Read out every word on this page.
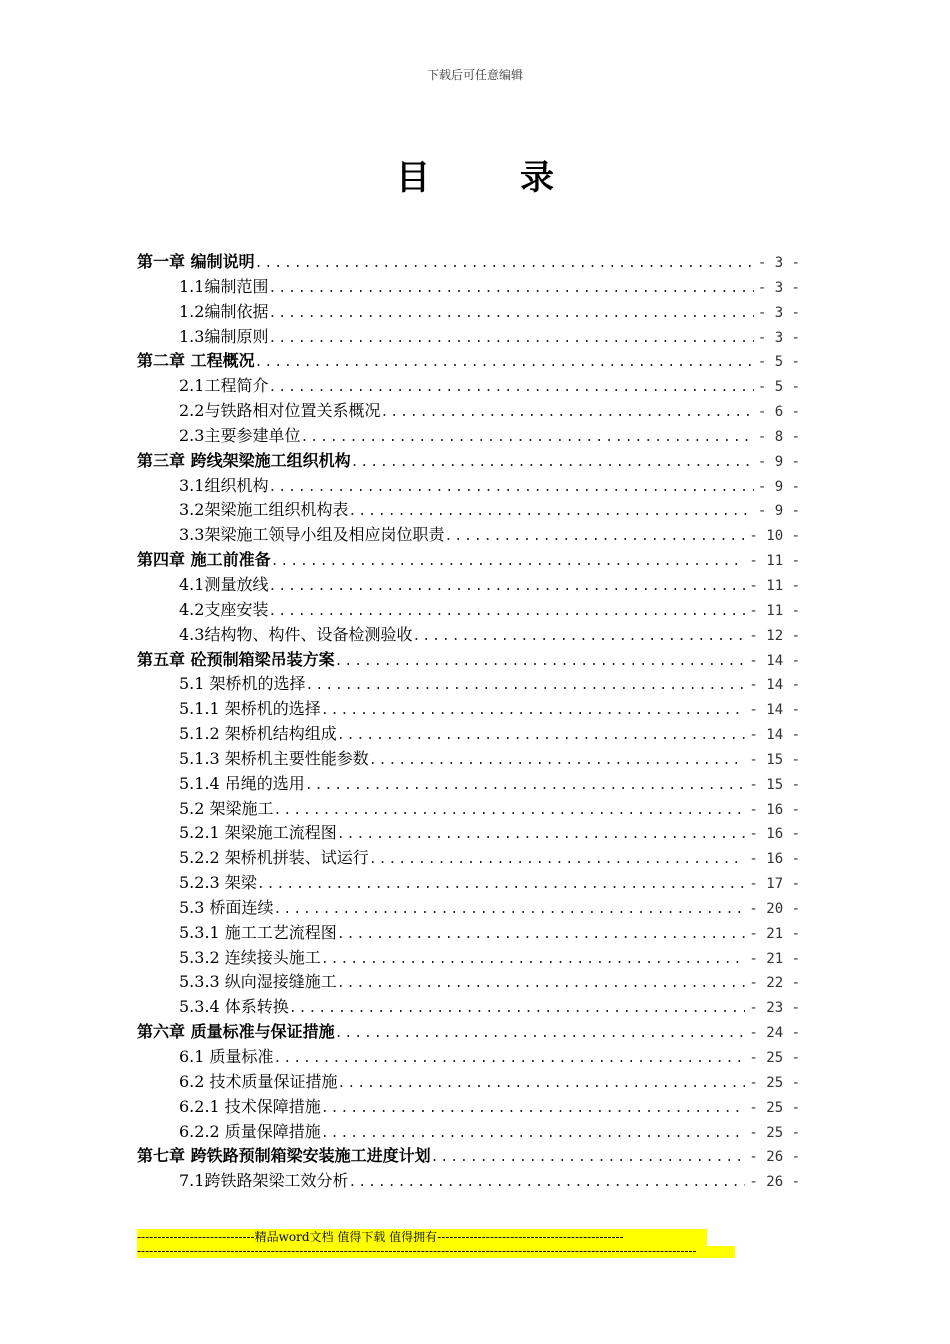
下载后可任意编辑
目录
第一章 编制说明 .....	- 3 -
1.1编制范围 .....	- 3 -
1.2编制依据 .....	- 3 -
1.3编制原则 .....	- 3 -
第二章 工程概况 .....	- 5 -
2.1工程简介 .....	- 5 -
2.2与铁路相对位置关系概况 .....	- 6 -
2.3主要参建单位 .....	- 8 -
第三章 跨线架梁施工组织机构 .....	- 9 -
3.1组织机构 .....	- 9 -
3.2架梁施工组织机构表 .....	- 9 -
3.3架梁施工领导小组及相应岗位职责 .....	- 10 -
第四章 施工前准备 .....	- 11 -
4.1测量放线 .....	- 11 -
4.2支座安装 .....	- 11 -
4.3结构物、构件、设备检测验收 .....	- 12 -
第五章 砼预制箱梁吊装方案 .....	- 14 -
5.1 架桥机的选择 .....	- 14 -
5.1.1 架桥机的选择 .....	- 14 -
5.1.2 架桥机结构组成 .....	- 14 -
5.1.3 架桥机主要性能参数 .....	- 15 -
5.1.4 吊绳的选用 .....	- 15 -
5.2 架梁施工 .....	- 16 -
5.2.1 架梁施工流程图 .....	- 16 -
5.2.2 架桥机拼装、试运行 .....	- 16 -
5.2.3 架梁 .....	- 17 -
5.3 桥面连续 .....	- 20 -
5.3.1 施工工艺流程图 .....	- 21 -
5.3.2 连续接头施工 .....	- 21 -
5.3.3 纵向湿接缝施工 .....	- 22 -
5.3.4 体系转换 .....	- 23 -
第六章 质量标准与保证措施 .....	- 24 -
6.1 质量标准 .....	- 25 -
6.2 技术质量保证措施 .....	- 25 -
6.2.1 技术保障措施 .....	- 25 -
6.2.2 质量保障措施 .....	- 25 -
第七章 跨铁路预制箱梁安装施工进度计划 .....	- 26 -
7.1跨铁路架梁工效分析 .....	- 26 -
-----------------------------精品word文档 值得下载 值得拥有----------------------------------------------
------------------------------------------------------------------------------------------------------------------------------------------
